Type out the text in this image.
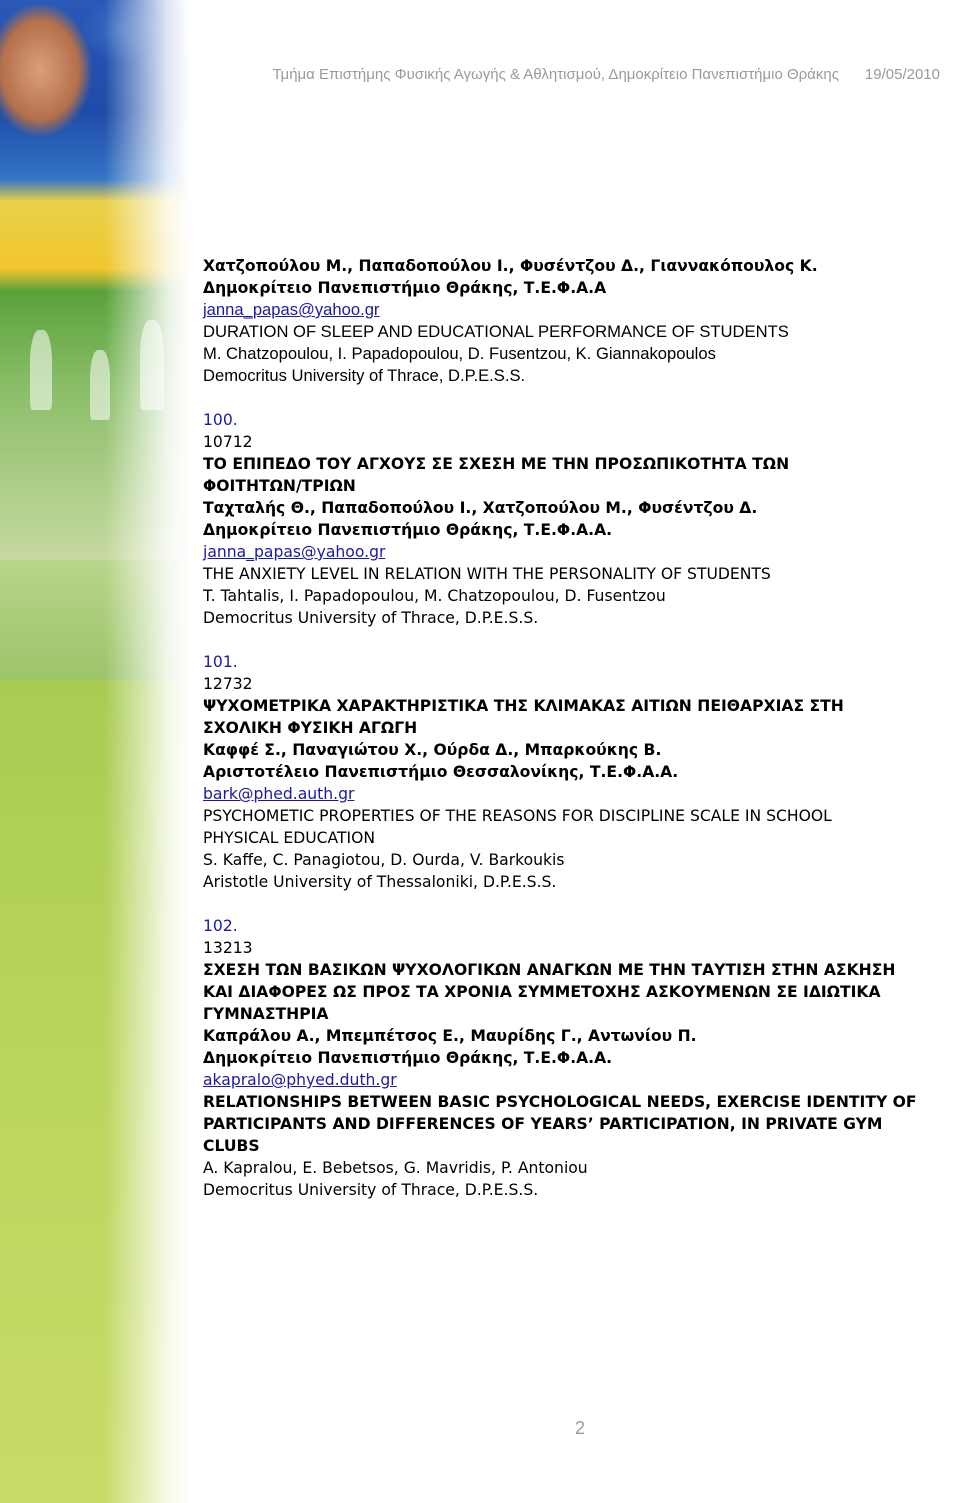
Τμήμα Επιστήμης Φυσικής Αγωγής & Αθλητισμού, Δημοκρίτειο Πανεπιστήμιο Θράκης 19/05/2010
Χατζοπούλου Μ., Παπαδοπούλου Ι., Φυσέντζου Δ., Γιαννακόπουλος Κ.
Δημοκρίτειο Πανεπιστήμιο Θράκης, Τ.Ε.Φ.Α.Α
janna_papas@yahoo.gr
DURATION OF SLEEP AND EDUCATIONAL PERFORMANCE OF STUDENTS
M. Chatzopoulou, I. Papadopoulou, D. Fusentzou, K. Giannakopoulos
Democritus University of Thrace, D.P.E.S.S.
100.
10712
ΤΟ ΕΠΙΠΕΔΟ ΤΟΥ ΑΓΧΟΥΣ ΣΕ ΣΧΕΣΗ ΜΕ ΤΗΝ ΠΡΟΣΩΠΙΚΟΤΗΤΑ ΤΩΝ
ΦΟΙΤΗΤΩΝ/ΤΡΙΩΝ
Ταχταλής Θ., Παπαδοπούλου Ι., Χατζοπούλου Μ., Φυσέντζου Δ.
Δημοκρίτειο Πανεπιστήμιο Θράκης, Τ.Ε.Φ.Α.Α.
janna_papas@yahoo.gr
THE ANXIETY LEVEL IN RELATION WITH THE PERSONALITY OF STUDENTS
T. Tahtalis, I. Papadopoulou, M. Chatzopoulou, D. Fusentzou
Democritus University of Thrace, D.P.E.S.S.
101.
12732
ΨΥΧΟΜΕΤΡΙΚΑ ΧΑΡΑΚΤΗΡΙΣΤΙΚΑ ΤΗΣ ΚΛΙΜΑΚΑΣ ΑΙΤΙΩΝ ΠΕΙΘΑΡΧΙΑΣ ΣΤΗ
ΣΧΟΛΙΚΗ ΦΥΣΙΚΗ ΑΓΩΓΗ
Καφφέ Σ., Παναγιώτου Χ., Ούρδα Δ., Μπαρκούκης Β.
Αριστοτέλειο Πανεπιστήμιο Θεσσαλονίκης, Τ.Ε.Φ.Α.Α.
bark@phed.auth.gr
PSYCHOMETIC PROPERTIES OF THE REASONS FOR DISCIPLINE SCALE IN SCHOOL
PHYSICAL EDUCATION
S. Kaffe, C. Panagiotou, D. Ourda, V. Barkoukis
Aristotle University of Thessaloniki, D.P.E.S.S.
102.
13213
ΣΧΕΣΗ ΤΩΝ ΒΑΣΙΚΩΝ ΨΥΧΟΛΟΓΙΚΩΝ ΑΝΑΓΚΩΝ ΜΕ ΤΗΝ ΤΑΥΤΙΣΗ ΣΤΗΝ ΑΣΚΗΣΗ
ΚΑΙ ΔΙΑΦΟΡΕΣ ΩΣ ΠΡΟΣ ΤΑ ΧΡΟΝΙΑ ΣΥΜΜΕΤΟΧΗΣ ΑΣΚΟΥΜΕΝΩΝ ΣΕ ΙΔΙΩΤΙΚΑ
ΓΥΜΝΑΣΤΗΡΙΑ
Καπράλου Α., Μπεμπέτσος Ε., Μαυρίδης Γ., Αντωνίου Π.
Δημοκρίτειο Πανεπιστήμιο Θράκης, Τ.Ε.Φ.Α.Α.
akapralo@phyed.duth.gr
RELATIONSHIPS BETWEEN BASIC PSYCHOLOGICAL NEEDS, EXERCISE IDENTITY OF
PARTICIPANTS AND DIFFERENCES OF YEARS’ PARTICIPATION, IN PRIVATE GYM
CLUBS
A. Kapralou, E. Bebetsos, G. Mavridis, P. Antoniou
Democritus University of Thrace, D.P.E.S.S.
2
